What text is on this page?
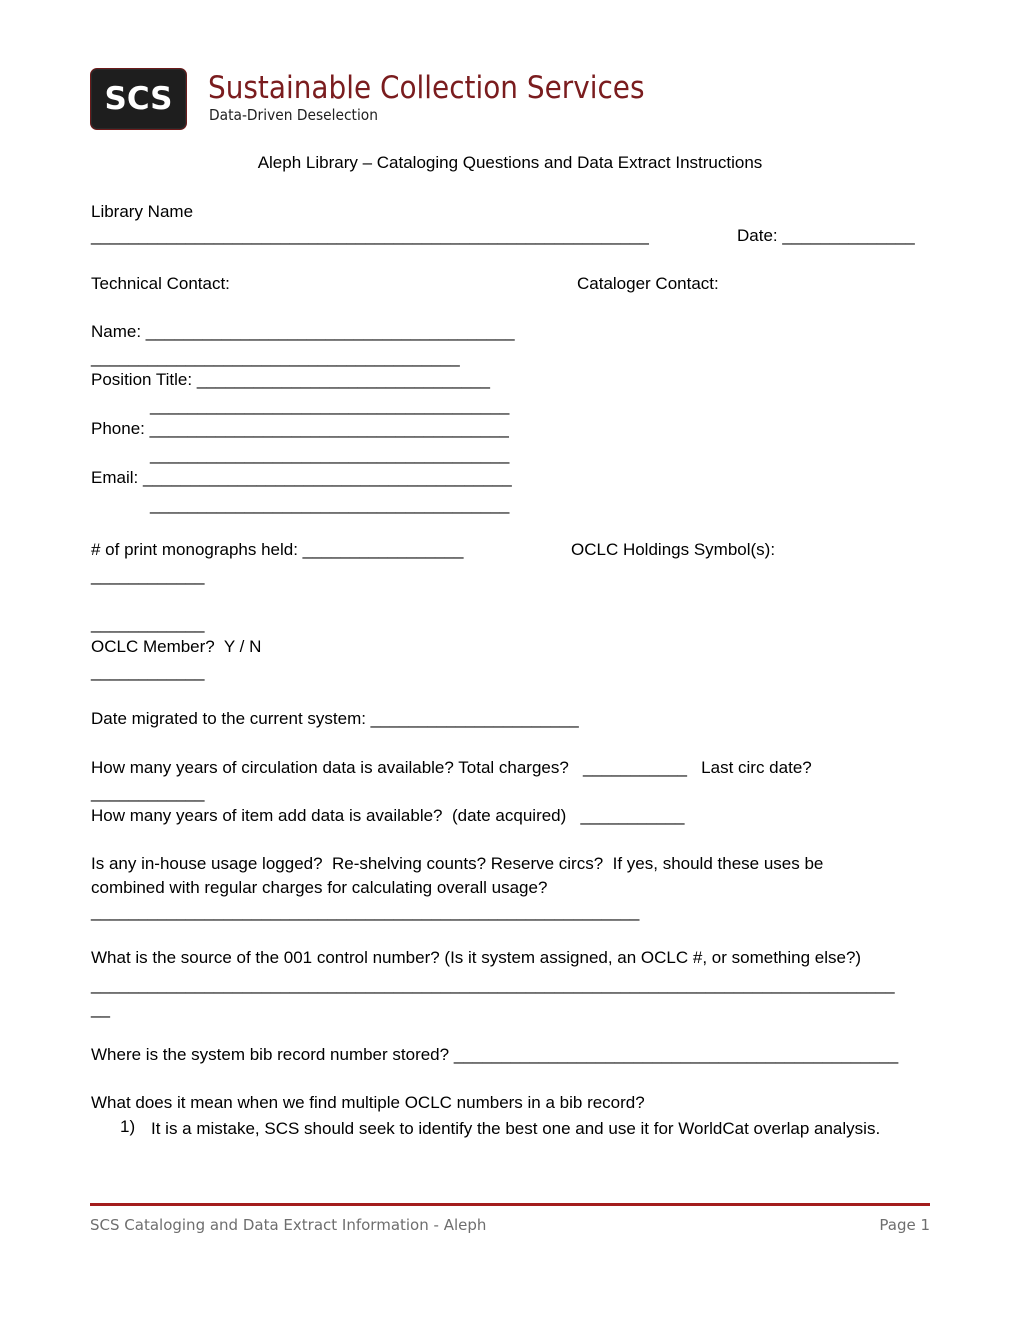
SCS	Sustainable Collection Services
Data-Driven Deselection
Aleph Library – Cataloging Questions and Data Extract Instructions
Library Name
___________________________________________________________	Date: ______________
Technical Contact:	Cataloger Contact:
Name: _______________________________________
_______________________________________
Position Title: _______________________________
______________________________________
Phone: ______________________________________
______________________________________
Email: _______________________________________
______________________________________
# of print monographs held: _________________	OCLC Holdings Symbol(s):
____________
____________
OCLC Member?  Y / N
____________
Date migrated to the current system: ______________________
How many years of circulation data is available? Total charges?   ___________   Last circ date?
____________
How many years of item add data is available?  (date acquired)   ___________
Is any in-house usage logged?  Re-shelving counts? Reserve circs?  If yes, should these uses be
combined with regular charges for calculating overall usage?
__________________________________________________________
What is the source of the 001 control number? (Is it system assigned, an OCLC #, or something else?)
_____________________________________________________________________________________
__
Where is the system bib record number stored? _______________________________________________
What does it mean when we find multiple OCLC numbers in a bib record?
1) It is a mistake, SCS should seek to identify the best one and use it for WorldCat overlap analysis.
SCS Cataloging and Data Extract Information - Aleph	Page 1
